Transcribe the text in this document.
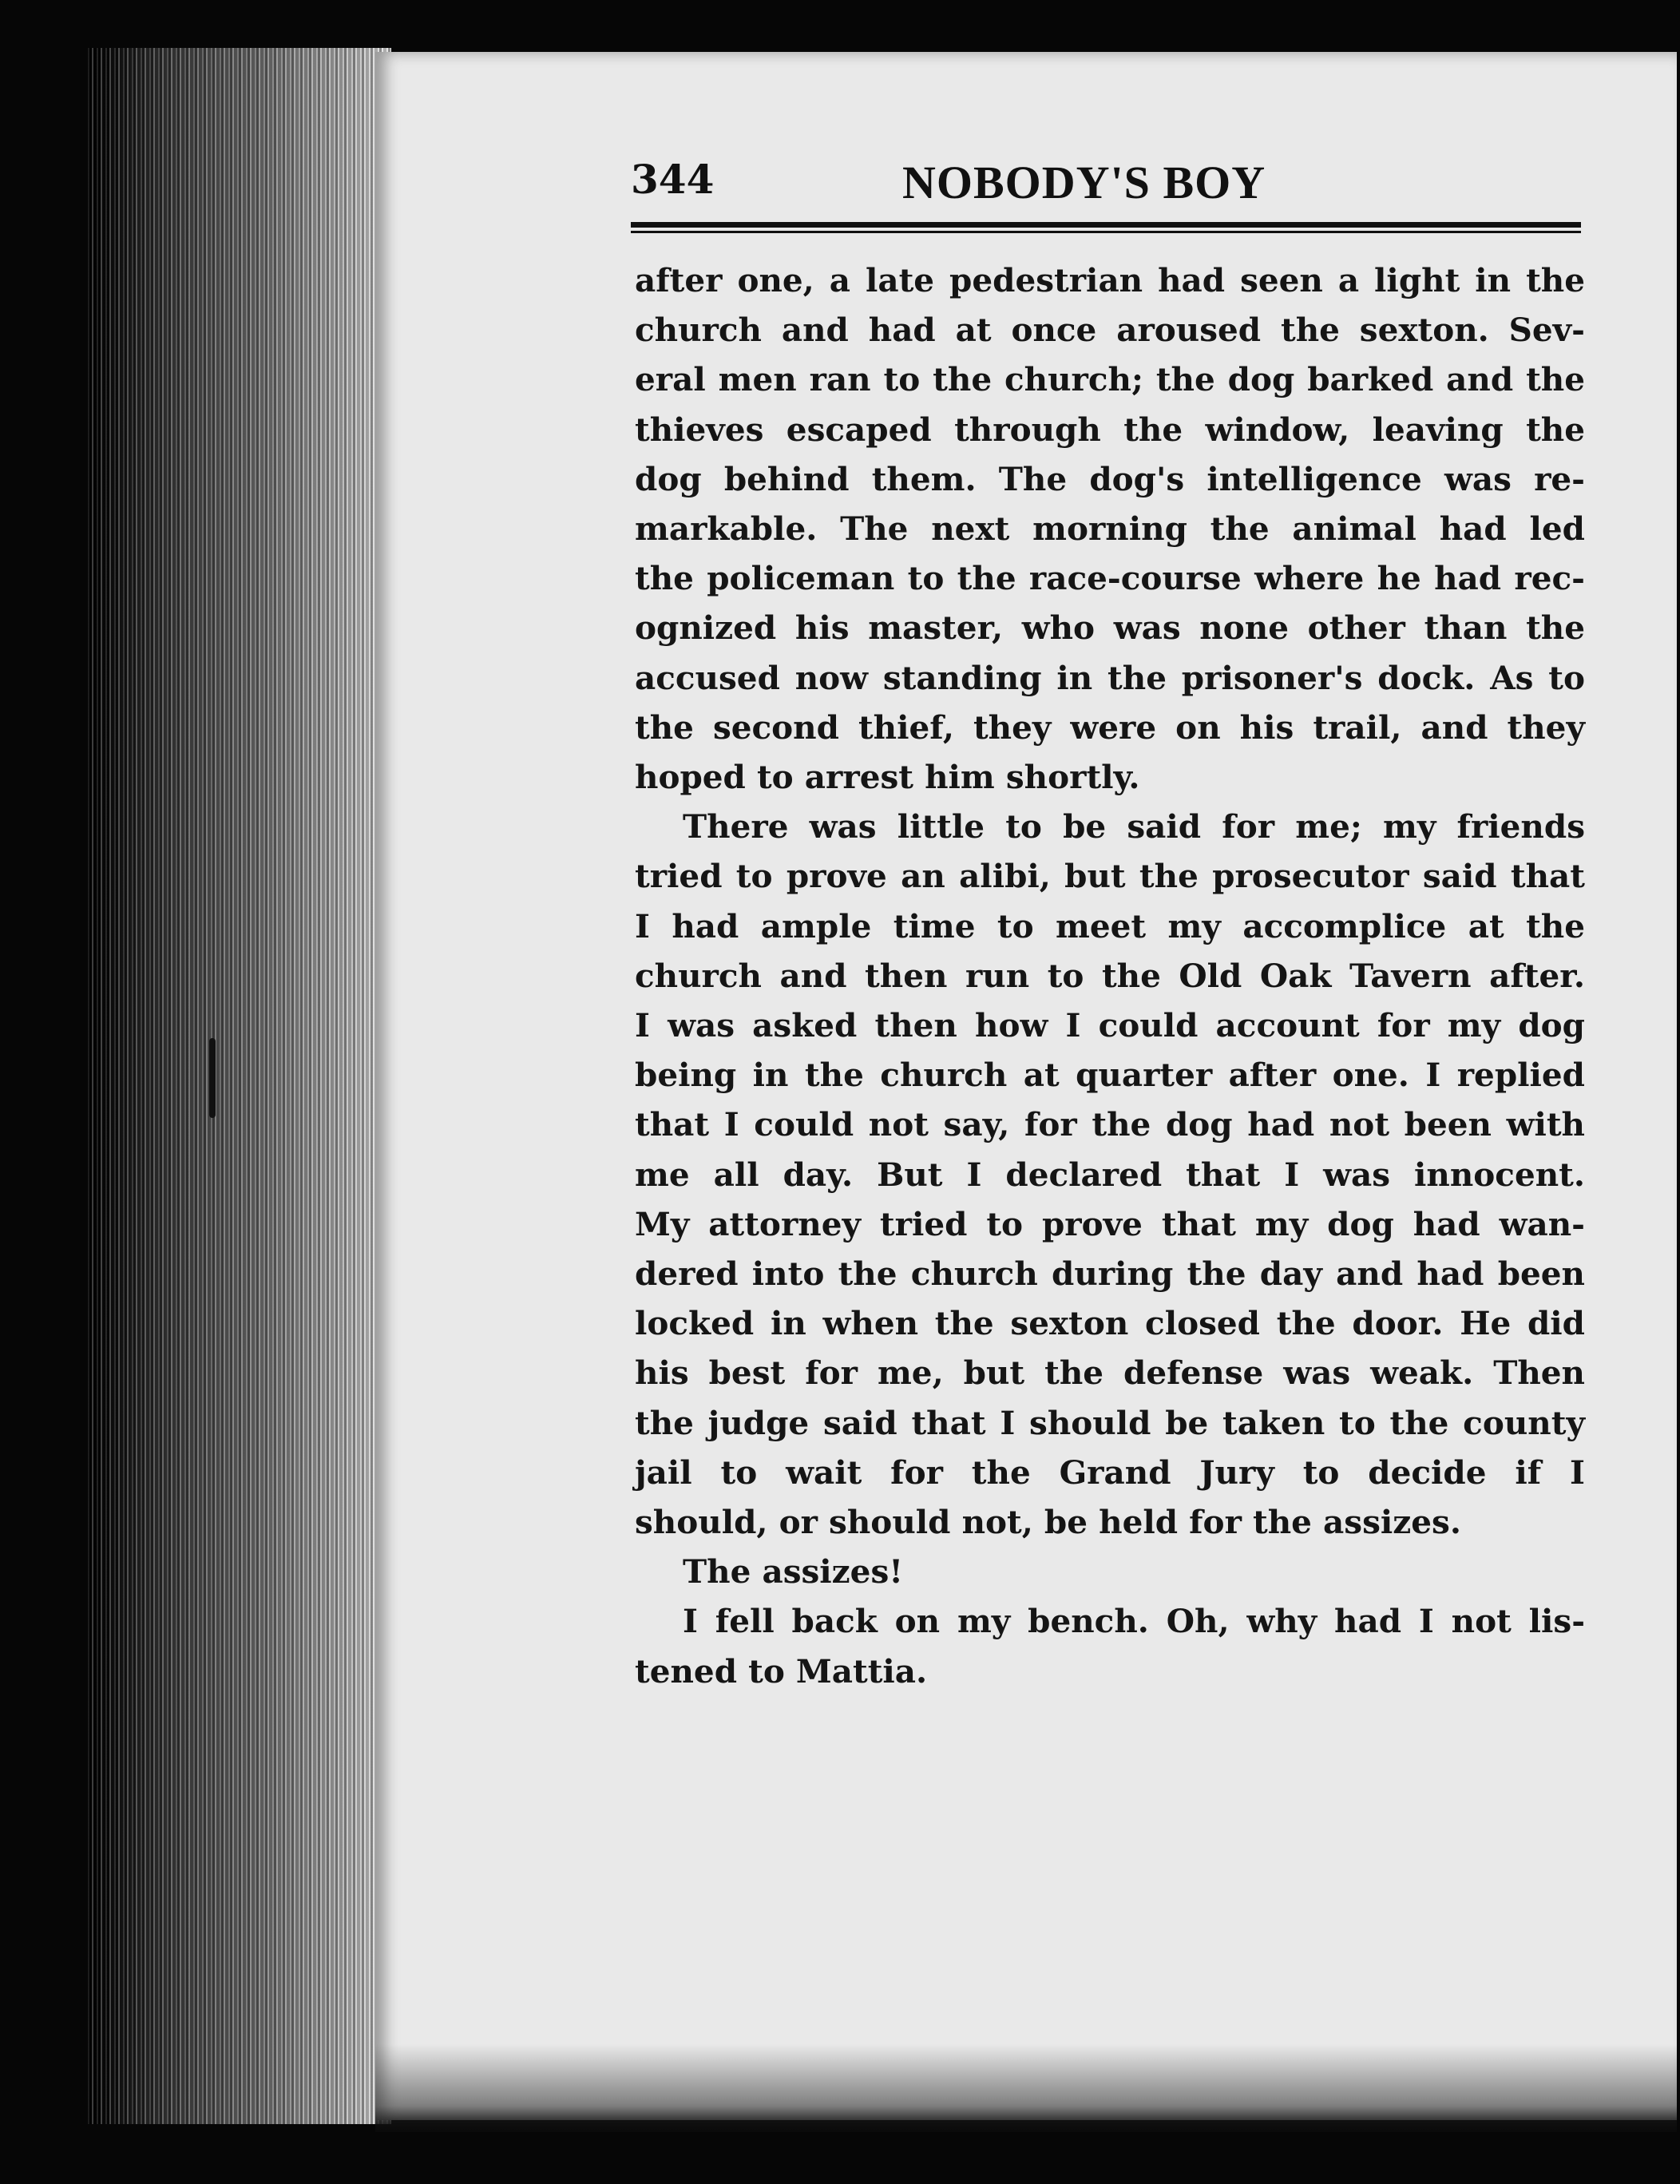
344	NOBODY'S BOY
after one, a late pedestrian had seen a light in the
church and had at once aroused the sexton. Sev-
eral men ran to the church; the dog barked and the
thieves escaped through the window, leaving the
dog behind them. The dog's intelligence was re-
markable. The next morning the animal had led
the policeman to the race-course where he had rec-
ognized his master, who was none other than the
accused now standing in the prisoner's dock. As to
the second thief, they were on his trail, and they
hoped to arrest him shortly.
There was little to be said for me; my friends
tried to prove an alibi, but the prosecutor said that
I had ample time to meet my accomplice at the
church and then run to the Old Oak Tavern after.
I was asked then how I could account for my dog
being in the church at quarter after one. I replied
that I could not say, for the dog had not been with
me all day. But I declared that I was innocent.
My attorney tried to prove that my dog had wan-
dered into the church during the day and had been
locked in when the sexton closed the door. He did
his best for me, but the defense was weak. Then
the judge said that I should be taken to the county
jail to wait for the Grand Jury to decide if I
should, or should not, be held for the assizes.
The assizes!
I fell back on my bench. Oh, why had I not lis-
tened to Mattia.
